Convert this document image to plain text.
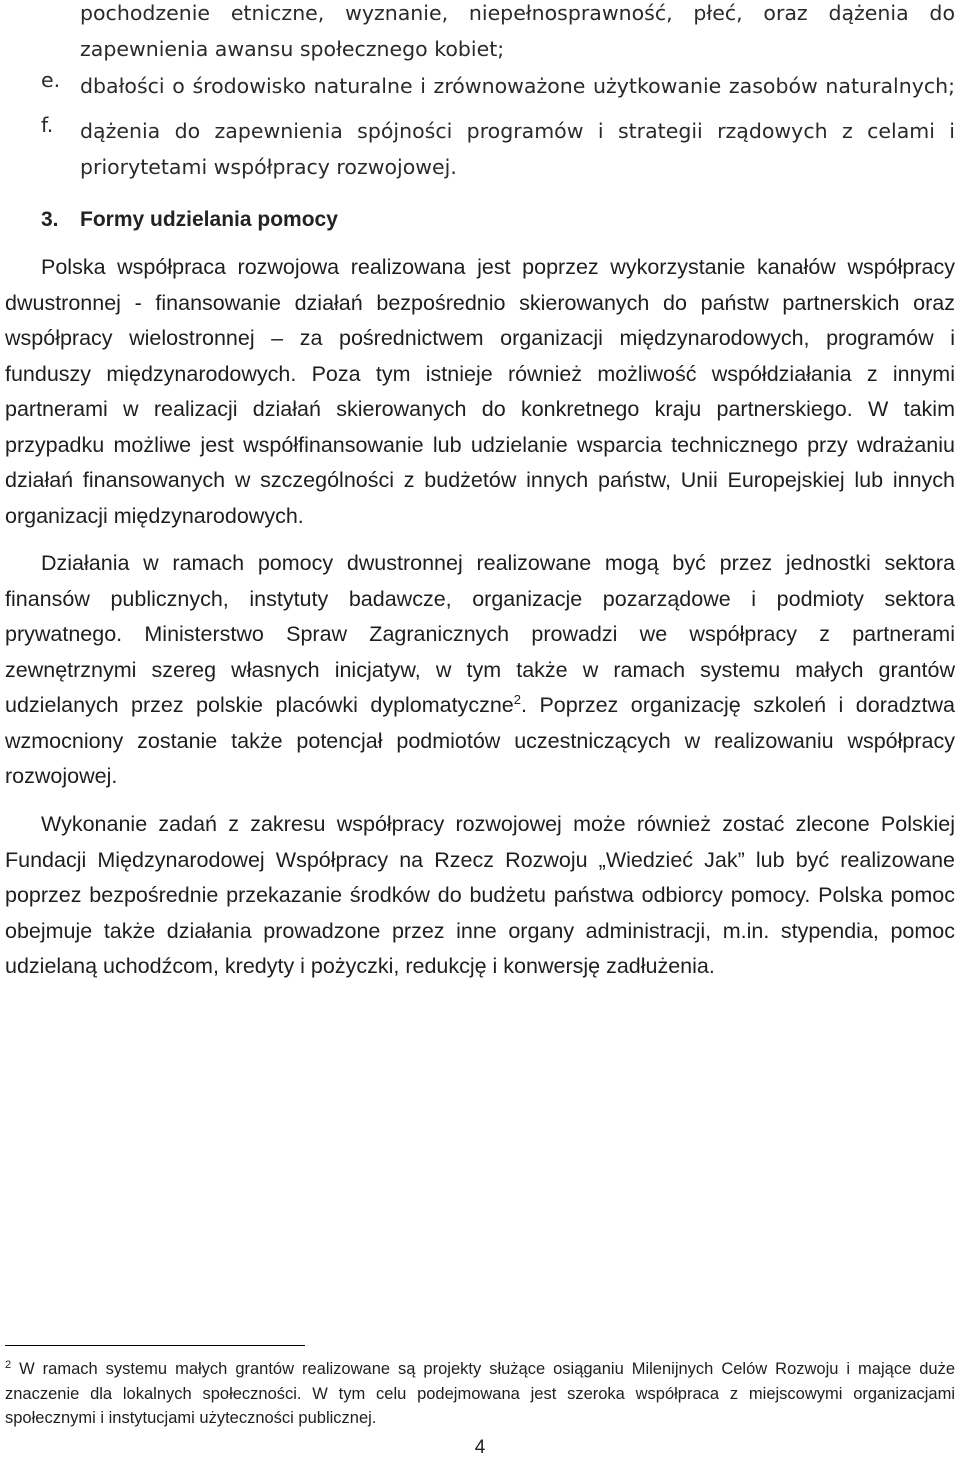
pochodzenie etniczne, wyznanie, niepełnosprawność, płeć, oraz dążenia do zapewnienia awansu społecznego kobiet;
e. dbałości o środowisko naturalne i zrównoważone użytkowanie zasobów naturalnych;
f. dążenia do zapewnienia spójności programów i strategii rządowych z celami i priorytetami współpracy rozwojowej.
3. Formy udzielania pomocy

Polska współpraca rozwojowa realizowana jest poprzez wykorzystanie kanałów współpracy dwustronnej - finansowanie działań bezpośrednio skierowanych do państw partnerskich oraz współpracy wielostronnej – za pośrednictwem organizacji międzynarodowych, programów i funduszy międzynarodowych. Poza tym istnieje również możliwość współdziałania z innymi partnerami w realizacji działań skierowanych do konkretnego kraju partnerskiego. W takim przypadku możliwe jest współfinansowanie lub udzielanie wsparcia technicznego przy wdrażaniu działań finansowanych w szczególności z budżetów innych państw, Unii Europejskiej lub innych organizacji międzynarodowych.

Działania w ramach pomocy dwustronnej realizowane mogą być przez jednostki sektora finansów publicznych, instytuty badawcze, organizacje pozarządowe i podmioty sektora prywatnego. Ministerstwo Spraw Zagranicznych prowadzi we współpracy z partnerami zewnętrznymi szereg własnych inicjatyw, w tym także w ramach systemu małych grantów udzielanych przez polskie placówki dyplomatyczne$^2$. Poprzez organizację szkoleń i doradztwa wzmocniony zostanie także potencjał podmiotów uczestniczących w realizowaniu współpracy rozwojowej.

Wykonanie zadań z zakresu współpracy rozwojowej może również zostać zlecone Polskiej Fundacji Międzynarodowej Współpracy na Rzecz Rozwoju „Wiedzieć Jak” lub być realizowane poprzez bezpośrednie przekazanie środków do budżetu państwa odbiorcy pomocy. Polska pomoc obejmuje także działania prowadzone przez inne organy administracji, m.in. stypendia, pomoc udzielaną uchodźcom, kredyty i pożyczki, redukcję i konwersję zadłużenia.

$^2$ W ramach systemu małych grantów realizowane są projekty służące osiąganiu Milenijnych Celów Rozwoju i mające duże znaczenie dla lokalnych społeczności. W tym celu podejmowana jest szeroka współpraca z miejscowymi organizacjami społecznymi i instytucjami użyteczności publicznej.
4
